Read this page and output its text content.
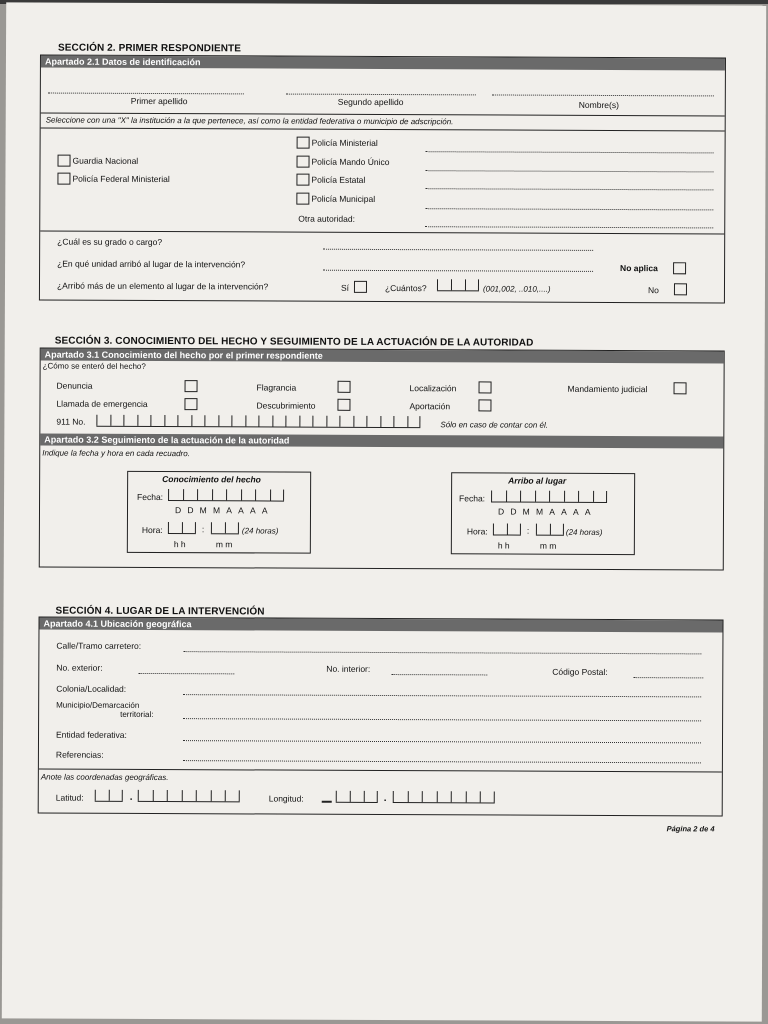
SECCIÓN 2. PRIMER RESPONDIENTE
Apartado 2.1 Datos de identificación
Primer apellido	Segundo apellido	Nombre(s)
Seleccione con una "X" la institución a la que pertenece, así como la entidad federativa o municipio de adscripción.
Policía Ministerial
Guardia Nacional	Policía Mando Único
Policía Federal Ministerial	Policía Estatal
Policía Municipal
Otra autoridad:
¿Cuál es su grado o cargo?
¿En qué unidad arribó al lugar de la intervención?	No aplica
¿Arribó más de un elemento al lugar de la intervención?	Sí	¿Cuántos?	(001,002, ..010,....)	No
SECCIÓN 3. CONOCIMIENTO DEL HECHO Y SEGUIMIENTO DE LA ACTUACIÓN DE LA AUTORIDAD
Apartado 3.1 Conocimiento del hecho por el primer respondiente
¿Cómo se enteró del hecho?
Denuncia	Flagrancia	Localización	Mandamiento judicial
Llamada de emergencia	Descubrimiento	Aportación
911 No.	Sólo en caso de contar con él.
Apartado 3.2 Seguimiento de la actuación de la autoridad
Indique la fecha y hora en cada recuadro.
Conocimiento del hecho
Fecha:
DDMMAAAA
Hora:	:	(24 horas)
h h	m m
Arribo al lugar
Fecha:
DDMMAAAA
Hora:	:	(24 horas)
h h	m m
SECCIÓN 4. LUGAR DE LA INTERVENCIÓN
Apartado 4.1 Ubicación geográfica
Calle/Tramo carretero:
No. exterior:	No. interior:	Código Postal:
Colonia/Localidad:
Municipio/Demarcación
territorial:
Entidad federativa:
Referencias:
Anote las coordenadas geográficas.
Latitud:	.	Longitud:	.
Página 2 de 4
